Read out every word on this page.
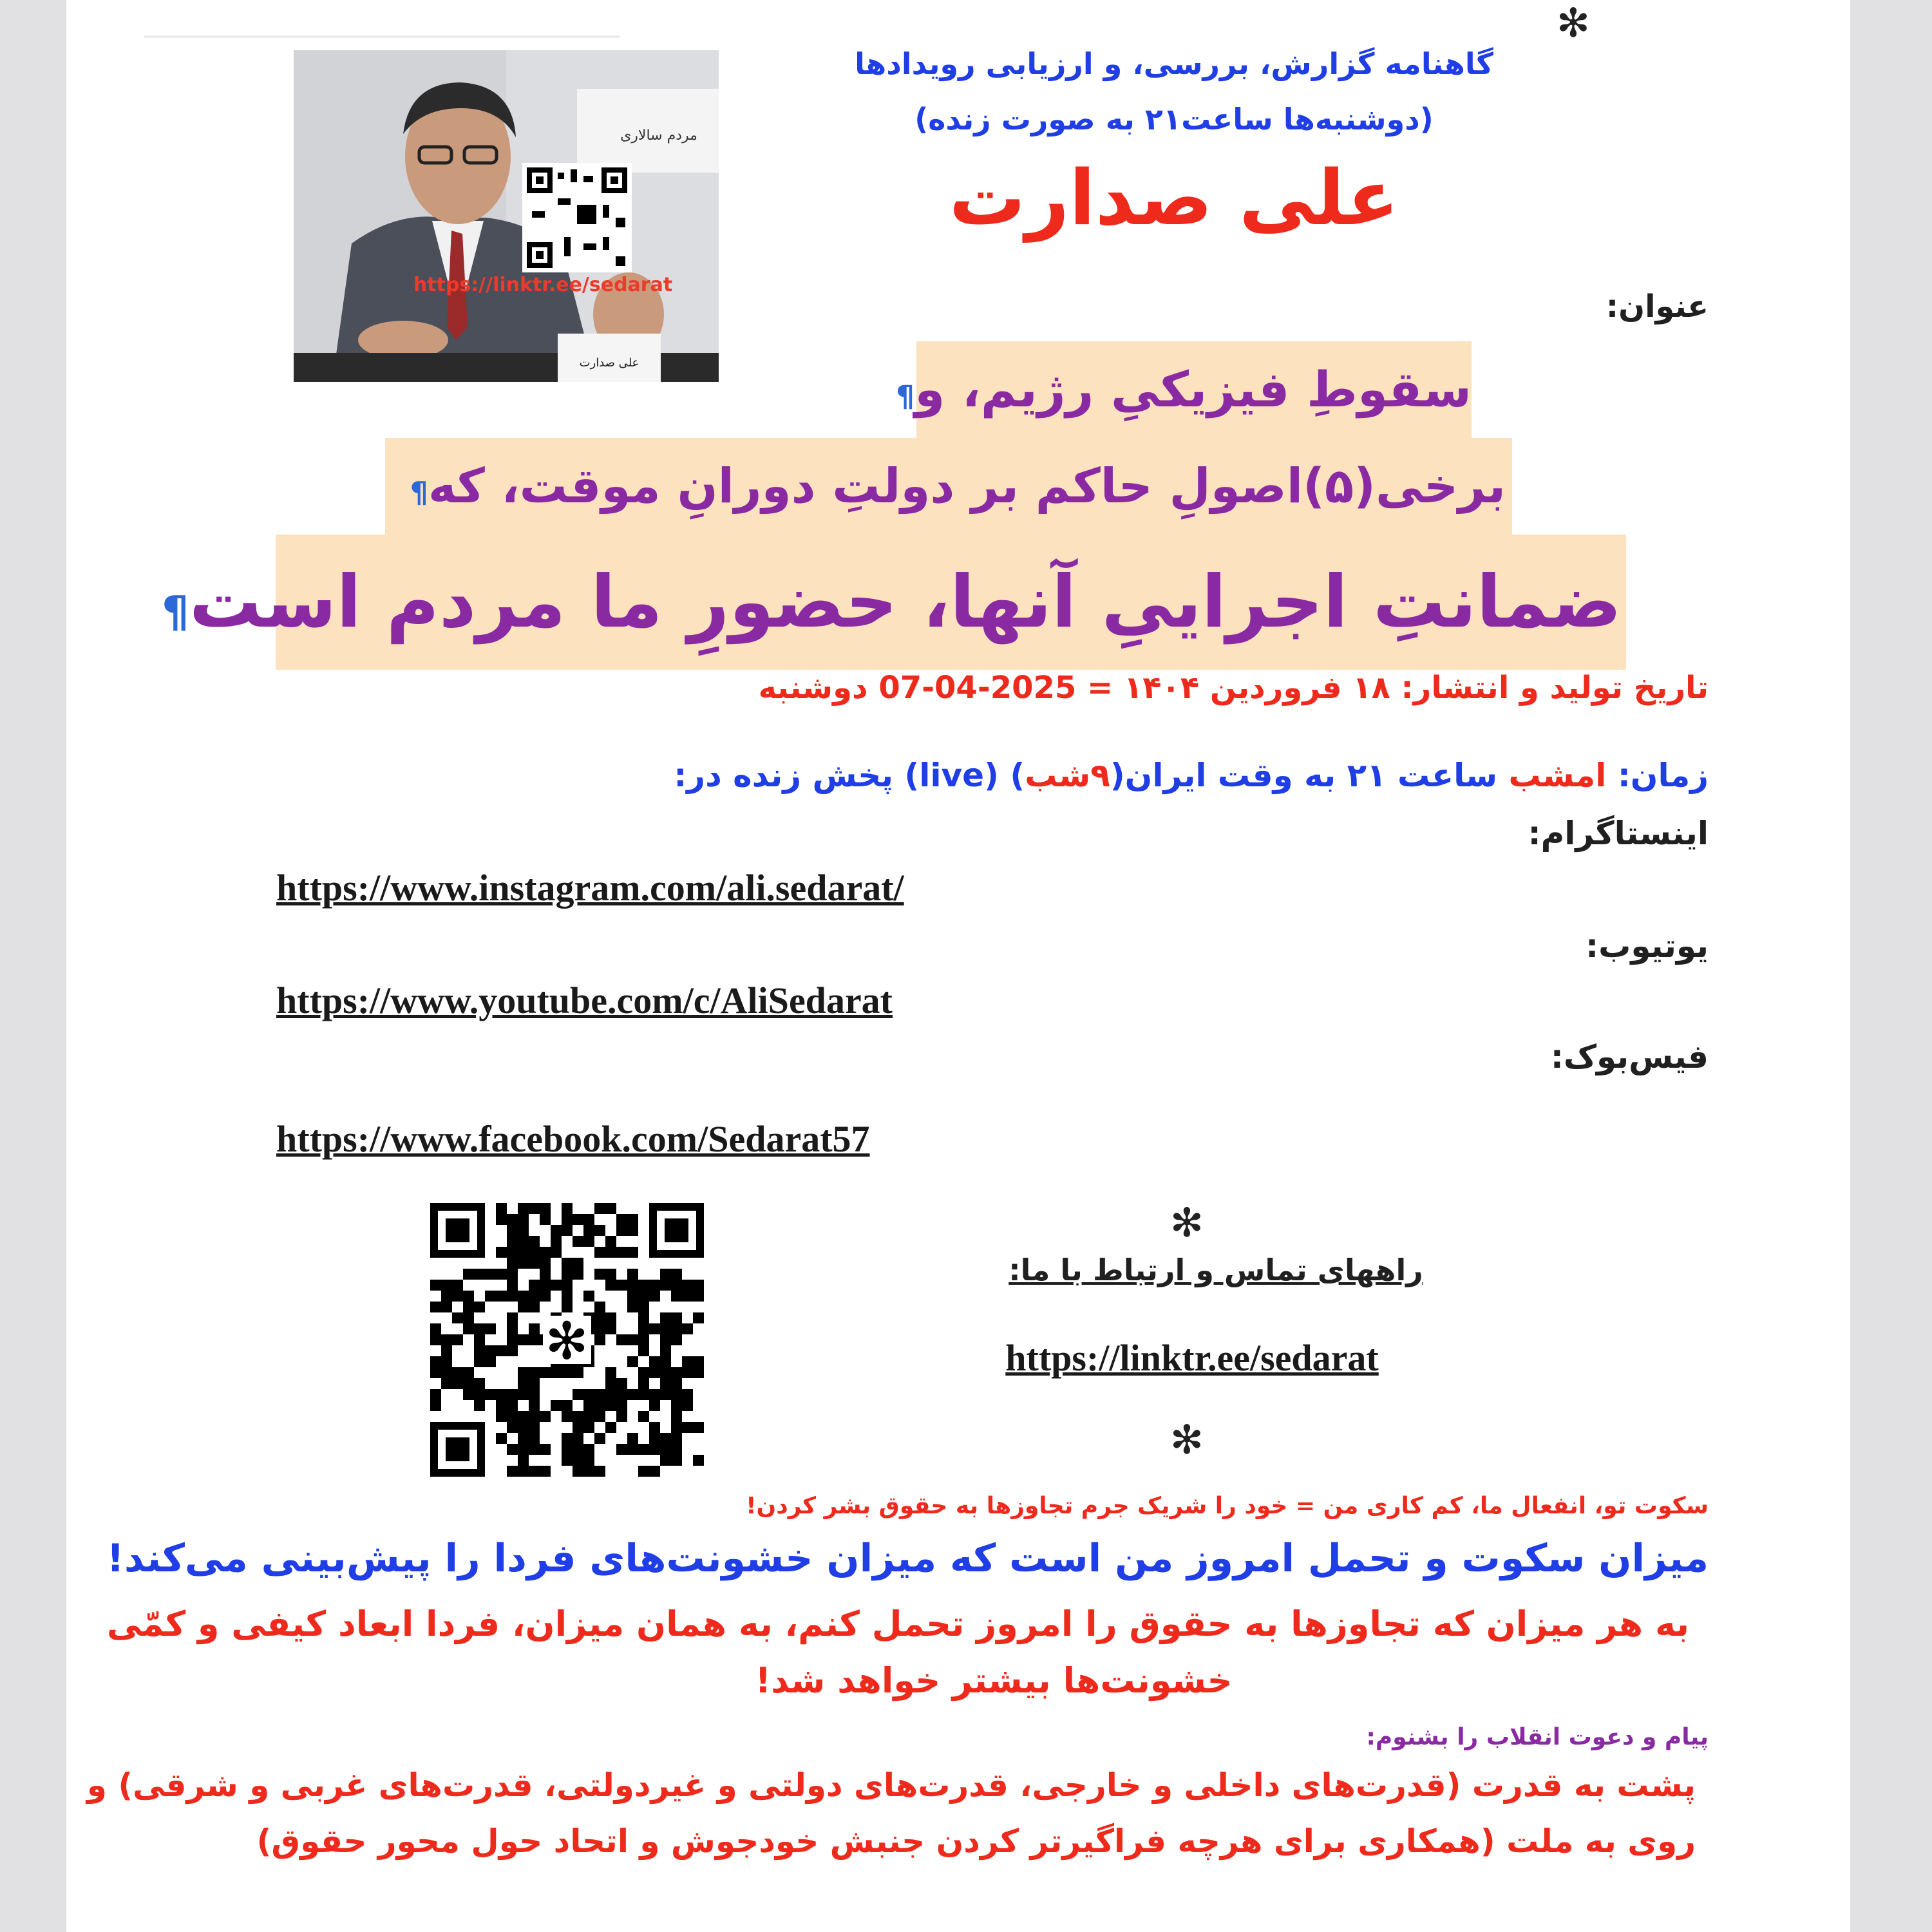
✻
گاهنامه گزارش، بررسی، و ارزیابی رویدادها
(دوشنبه‌ها ساعت۲۱ به صورت زنده)
علی صدارت
مردم سالاری
https://linktr.ee/sedarat
علی صدارت
عنوان:
سقوطِ فیزیکیِ رژیم، و¶
برخی(۵)اصولِ حاکم بر دولتِ دورانِ موقت، که¶
ضمانتِ اجراییِ آنها، حضورِ ما مردم است¶
تاریخ تولید و انتشار: ۱۸ فروردین ۱۴۰۴ = 2025-04-07 دوشنبه
زمان: امشب ساعت ۲۱ به وقت ایران(۹شب) (live) پخش زنده در:
اینستاگرام:
https://www.instagram.com/ali.sedarat/
یوتیوب:
https://www.youtube.com/c/AliSedarat
فیس‌بوک:
https://www.facebook.com/Sedarat57
✻
✻
راههای تماس و ارتباط با ما:
https://linktr.ee/sedarat
✻
سکوت تو، انفعال ما، کم کاری من = خود را شریک جرم تجاوزها به حقوق بشر کردن!
میزان سکوت و تحمل امروز من است که میزان خشونت‌های فردا را پیش‌بینی می‌کند!
به هر میزان که تجاوزها به حقوق را امروز تحمل کنم، به همان میزان، فردا ابعاد کیفی و کمّی
خشونت‌ها بیشتر خواهد شد!
پیام و دعوت انقلاب را بشنوم:
پشت به قدرت (قدرت‌های داخلی و خارجی، قدرت‌های دولتی و غیردولتی، قدرت‌های غربی و شرقی) و
روی به ملت (همکاری برای هرچه فراگیرتر کردن جنبش خودجوش و اتحاد حول محور حقوق)
